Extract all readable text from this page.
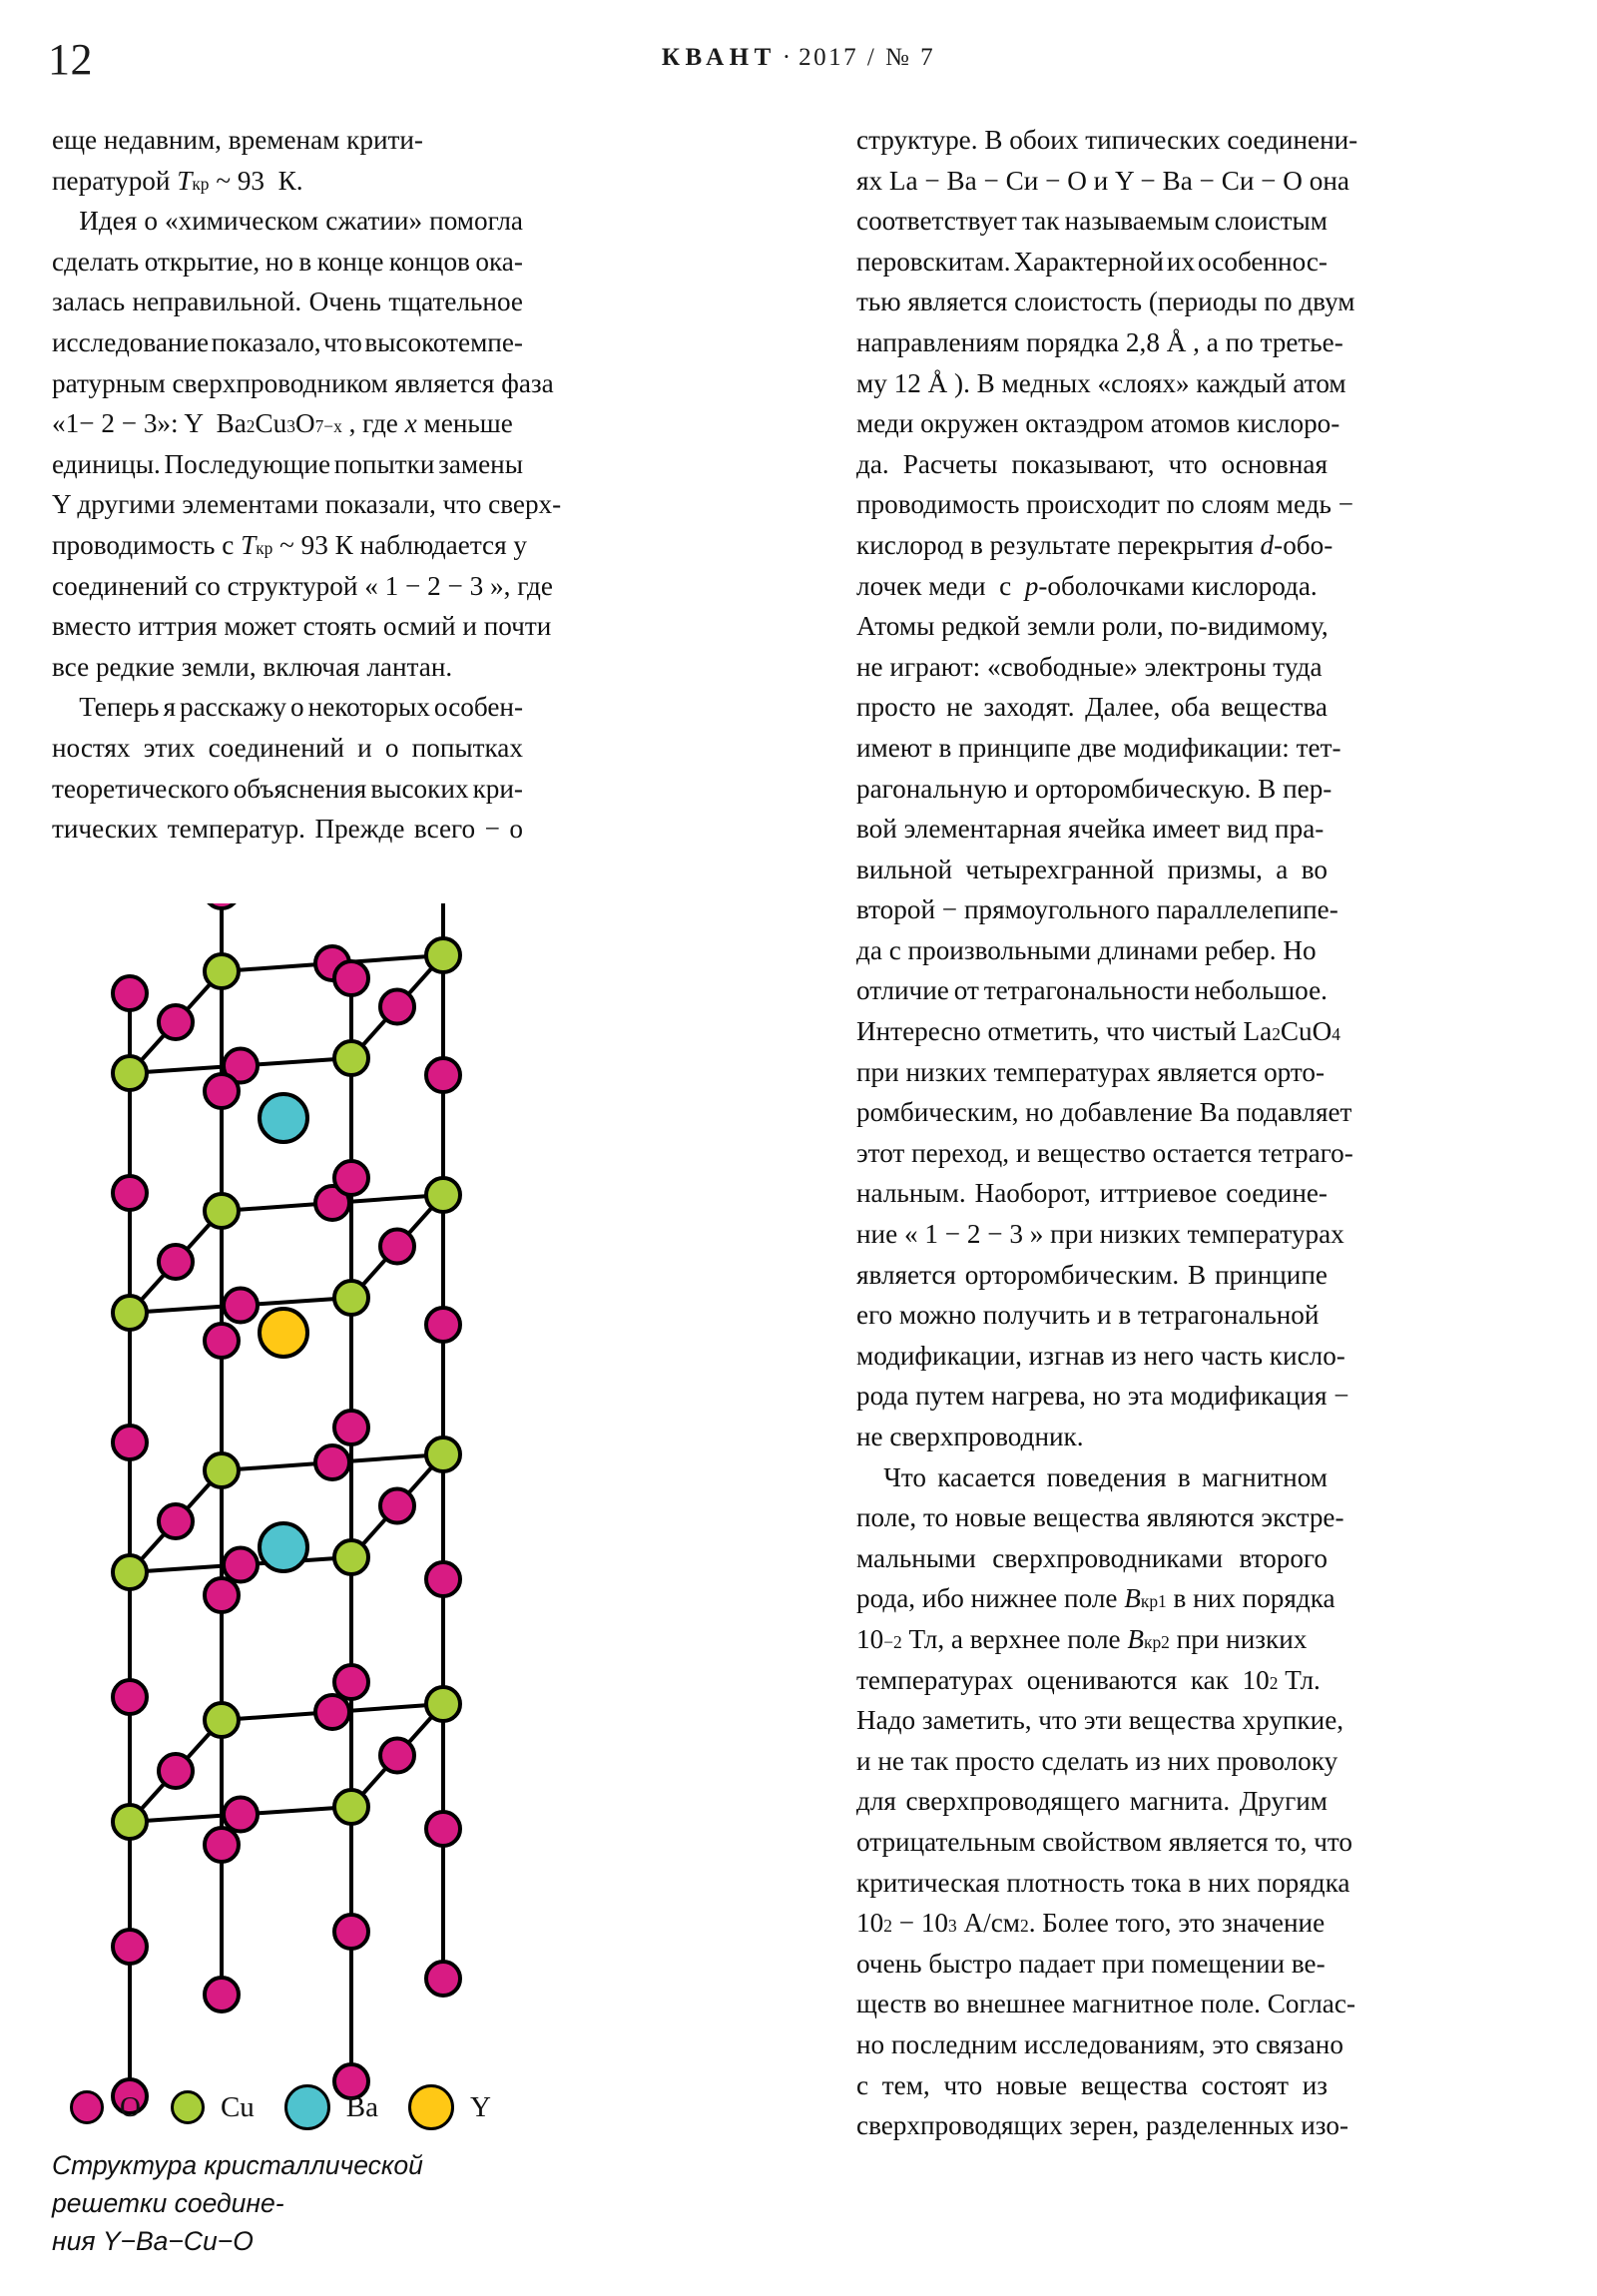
12	КВАНТ · 2017 / № 7
еще недавним, временам крити-
пературой T кр ~ 93  К.
Идея о «химическом сжатии» помогла
сделать открытие, но в конце концов ока-
залась неправильной. Очень тщательное
исследование показало, что высокотемпе-
ратурным сверхпроводником является фаза
«1− 2 − 3»: Y  Ba 2 Cu 3 O 7−x , где x меньше
единицы. Последующие попытки замены
Y другими элементами показали, что сверх-
проводимость с T кр ~ 93 К наблюдается у
соединений со структурой « 1 − 2 − 3 », где
вместо иттрия может стоять осмий и почти
все редкие земли, включая лантан.
Теперь я расскажу о некоторых особен-
ностях этих соединений и о попытках
теоретического объяснения высоких кри-
тических температур. Прежде всего − о
структуре. В обоих типических соединени-
ях La − Ва − Си − О и Y − Ва − Си − О она
соответствует так называемым слоистым
перовскитам. Характерной их особеннос-
тью является слоистость (периоды по двум
направлениям порядка 2,8 Å , а по третье-
му 12 Å ). В медных «слоях» каждый атом
меди окружен октаэдром атомов кислоро-
да. Расчеты показывают, что основная
проводимость происходит по слоям медь −
кислород в результате перекрытия d -обо-
лочек меди  с p -оболочками кислорода.
Атомы редкой земли роли, по-видимому,
не играют: «свободные» электроны туда
просто не заходят. Далее, оба вещества
имеют в принципе две модификации: тет-
рагональную и орторомбическую. В пер-
вой элементарная ячейка имеет вид пра-
вильной четырехгранной призмы, а во
второй − прямоугольного параллелепипе-
да с произвольными длинами ребер. Но
отличие от тетрагональности небольшое.
Интересно отметить, что чистый La 2 CuO 4
при низких температурах является орто-
ромбическим, но добавление Ва подавляет
этот переход, и вещество остается тетраго-
нальным. Наоборот, иттриевое соедине-
ние « 1 − 2 − 3 » при низких температурах
является орторомбическим. В принципе
его можно получить и в тетрагональной
модификации, изгнав из него часть кисло-
рода путем нагрева, но эта модификация −
не сверхпроводник.
Что касается поведения в магнитном
поле, то новые вещества являются экстре-
мальными сверхпроводниками второго
рода, ибо нижнее поле B кр1 в них порядка
10 −2 Тл, а верхнее поле B кр2 при низких
температурах  оцениваются  как  10 2 Тл.
Надо заметить, что эти вещества хрупкие,
и не так просто сделать из них проволоку
для сверхпроводящего магнита. Другим
отрицательным свойством является то, что
критическая плотность тока в них порядка
10 2 − 10 3 А/см 2 . Более того, это значение
очень быстро падает при помещении ве-
ществ во внешнее магнитное поле. Соглас-
но последним исследованиям, это связано
с тем, что новые вещества состоят из
сверхпроводящих зерен, разделенных изо-
O	Cu	Ba	Y
Структура кристаллической решетки соедине-
ния Y−Ba−Cu−O
